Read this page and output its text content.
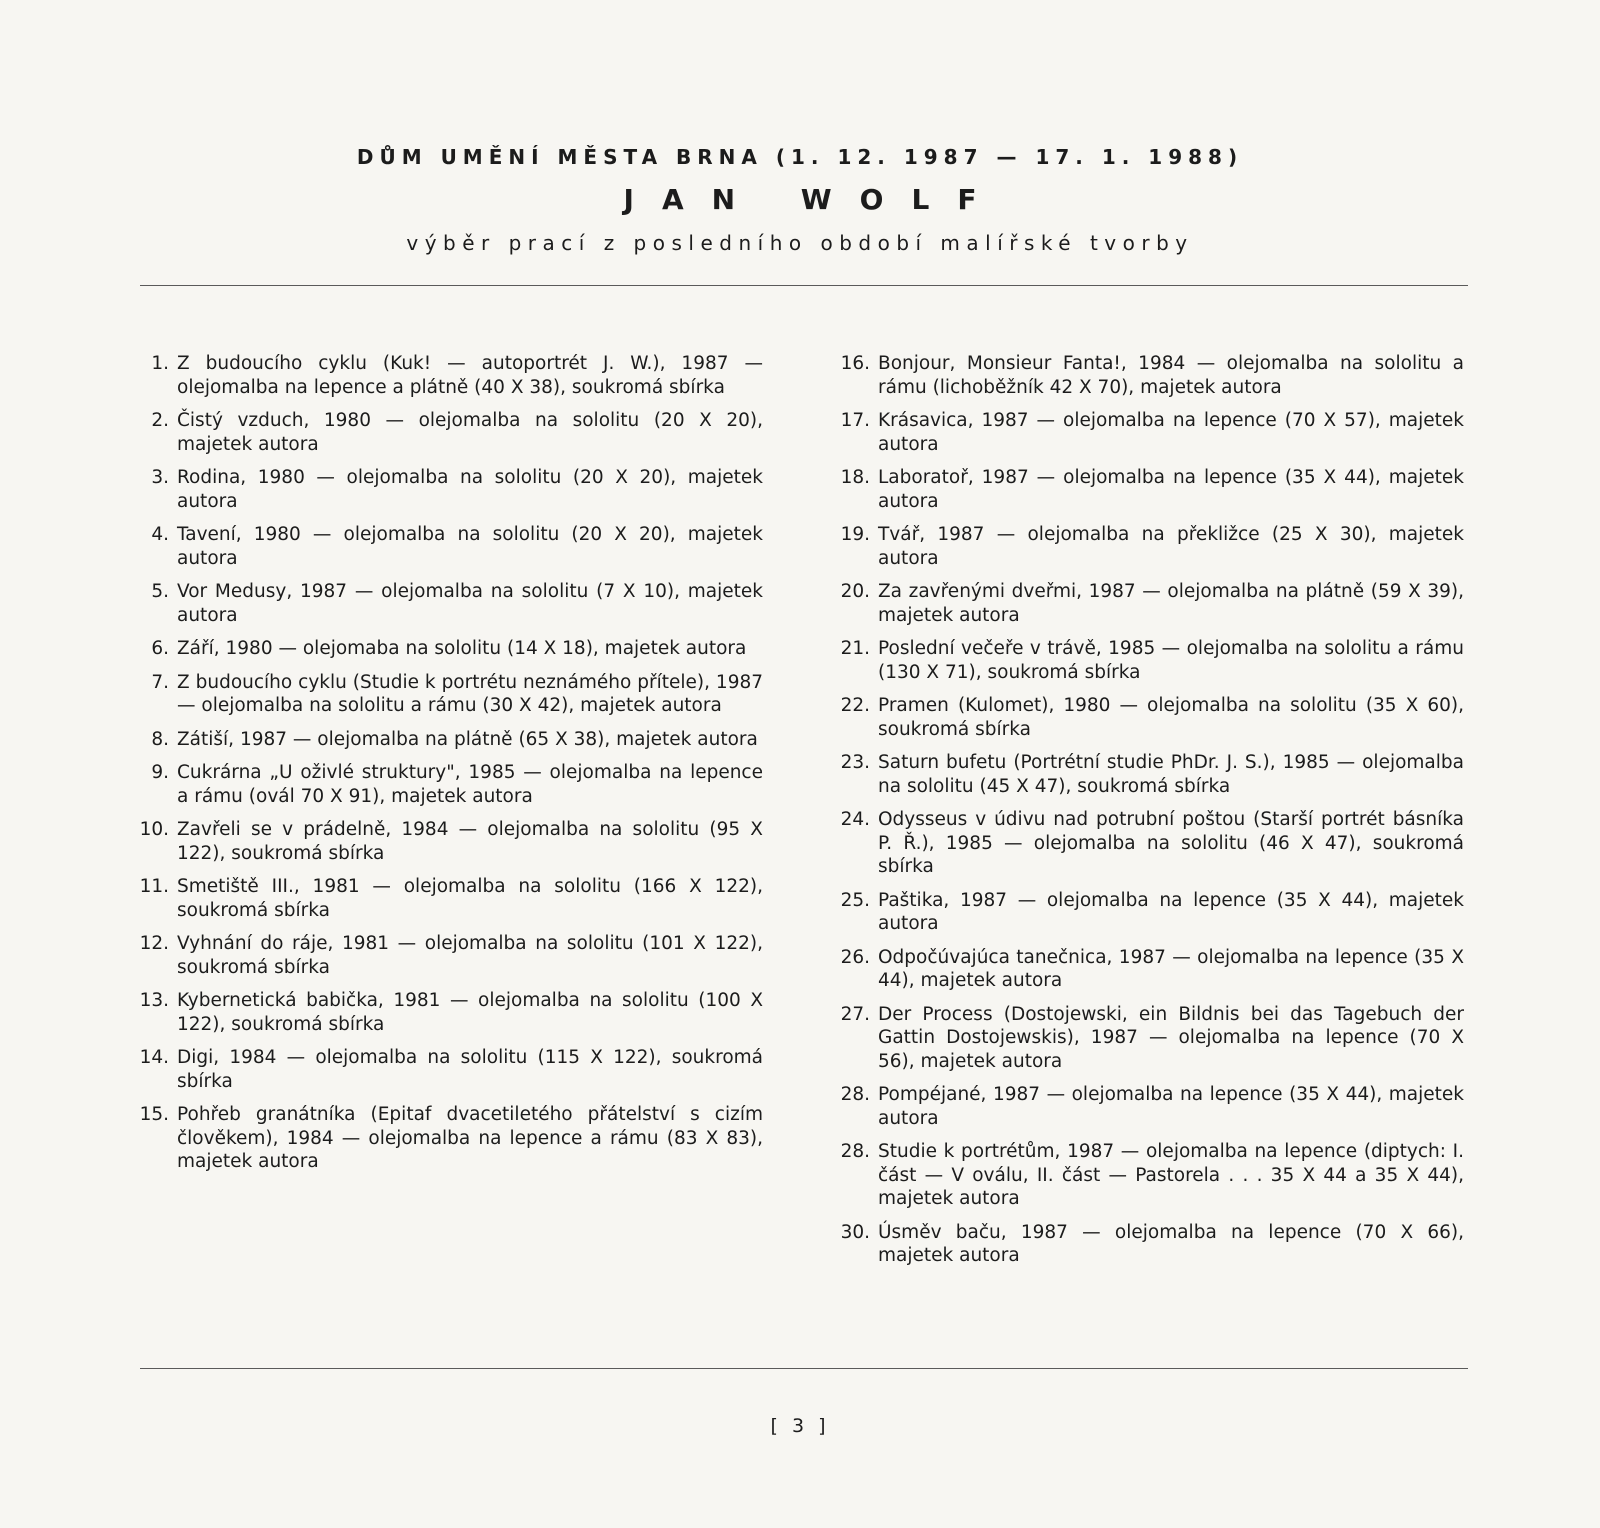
DŮM UMĚNÍ MĚSTA BRNA (1. 12. 1987 — 17. 1. 1988)

JAN WOLF

výběr prací z posledního období malířské tvorby

1. Z budoucího cyklu (Kuk! — autoportrét J. W.), 1987 — olejomalba na lepence a plátně (40 X 38), soukromá sbírka
2. Čistý vzduch, 1980 — olejomalba na sololitu (20 X 20), majetek autora
3. Rodina, 1980 — olejomalba na sololitu (20 X 20), majetek autora
4. Tavení, 1980 — olejomalba na sololitu (20 X 20), majetek autora
5. Vor Medusy, 1987 — olejomalba na sololitu (7 X 10), majetek autora
6. Září, 1980 — olejomaba na sololitu (14 X 18), majetek autora
7. Z budoucího cyklu (Studie k portrétu neznámého přítele), 1987 — olejomalba na sololitu a rámu (30 X 42), majetek autora
8. Zátiší, 1987 — olejomalba na plátně (65 X 38), majetek autora
9. Cukrárna „U oživlé struktury", 1985 — olejomalba na lepence a rámu (ovál 70 X 91), majetek autora
10. Zavřeli se v prádelně, 1984 — olejomalba na sololitu (95 X 122), soukromá sbírka
11. Smetiště III., 1981 — olejomalba na sololitu (166 X 122), soukromá sbírka
12. Vyhnání do ráje, 1981 — olejomalba na sololitu (101 X 122), soukromá sbírka
13. Kybernetická babička, 1981 — olejomalba na sololitu (100 X 122), soukromá sbírka
14. Digi, 1984 — olejomalba na sololitu (115 X 122), soukromá sbírka
15. Pohřeb granátníka (Epitaf dvacetiletého přátelství s cizím člověkem), 1984 — olejomalba na lepence a rámu (83 X 83), majetek autora
16. Bonjour, Monsieur Fanta!, 1984 — olejomalba na sololitu a rámu (lichoběžník 42 X 70), majetek autora
17. Krásavica, 1987 — olejomalba na lepence (70 X 57), majetek autora
18. Laboratoř, 1987 — olejomalba na lepence (35 X 44), majetek autora
19. Tvář, 1987 — olejomalba na překližce (25 X 30), majetek autora
20. Za zavřenými dveřmi, 1987 — olejomalba na plátně (59 X 39), majetek autora
21. Poslední večeře v trávě, 1985 — olejomalba na sololitu a rámu (130 X 71), soukromá sbírka
22. Pramen (Kulomet), 1980 — olejomalba na sololitu (35 X 60), soukromá sbírka
23. Saturn bufetu (Portrétní studie PhDr. J. S.), 1985 — olejomalba na sololitu (45 X 47), soukromá sbírka
24. Odysseus v údivu nad potrubní poštou (Starší portrét básníka P. Ř.), 1985 — olejomalba na sololitu (46 X 47), soukromá sbírka
25. Paštika, 1987 — olejomalba na lepence (35 X 44), majetek autora
26. Odpočúvajúca tanečnica, 1987 — olejomalba na lepence (35 X 44), majetek autora
27. Der Process (Dostojewski, ein Bildnis bei das Tagebuch der Gattin Dostojewskis), 1987 — olejomalba na lepence (70 X 56), majetek autora
28. Pompéjané, 1987 — olejomalba na lepence (35 X 44), majetek autora
28. Studie k portrétům, 1987 — olejomalba na lepence (diptych: I. část — V oválu, II. část — Pastorela . . . 35 X 44 a 35 X 44), majetek autora
30. Úsměv baču, 1987 — olejomalba na lepence (70 X 66), majetek autora
[ 3 ]
